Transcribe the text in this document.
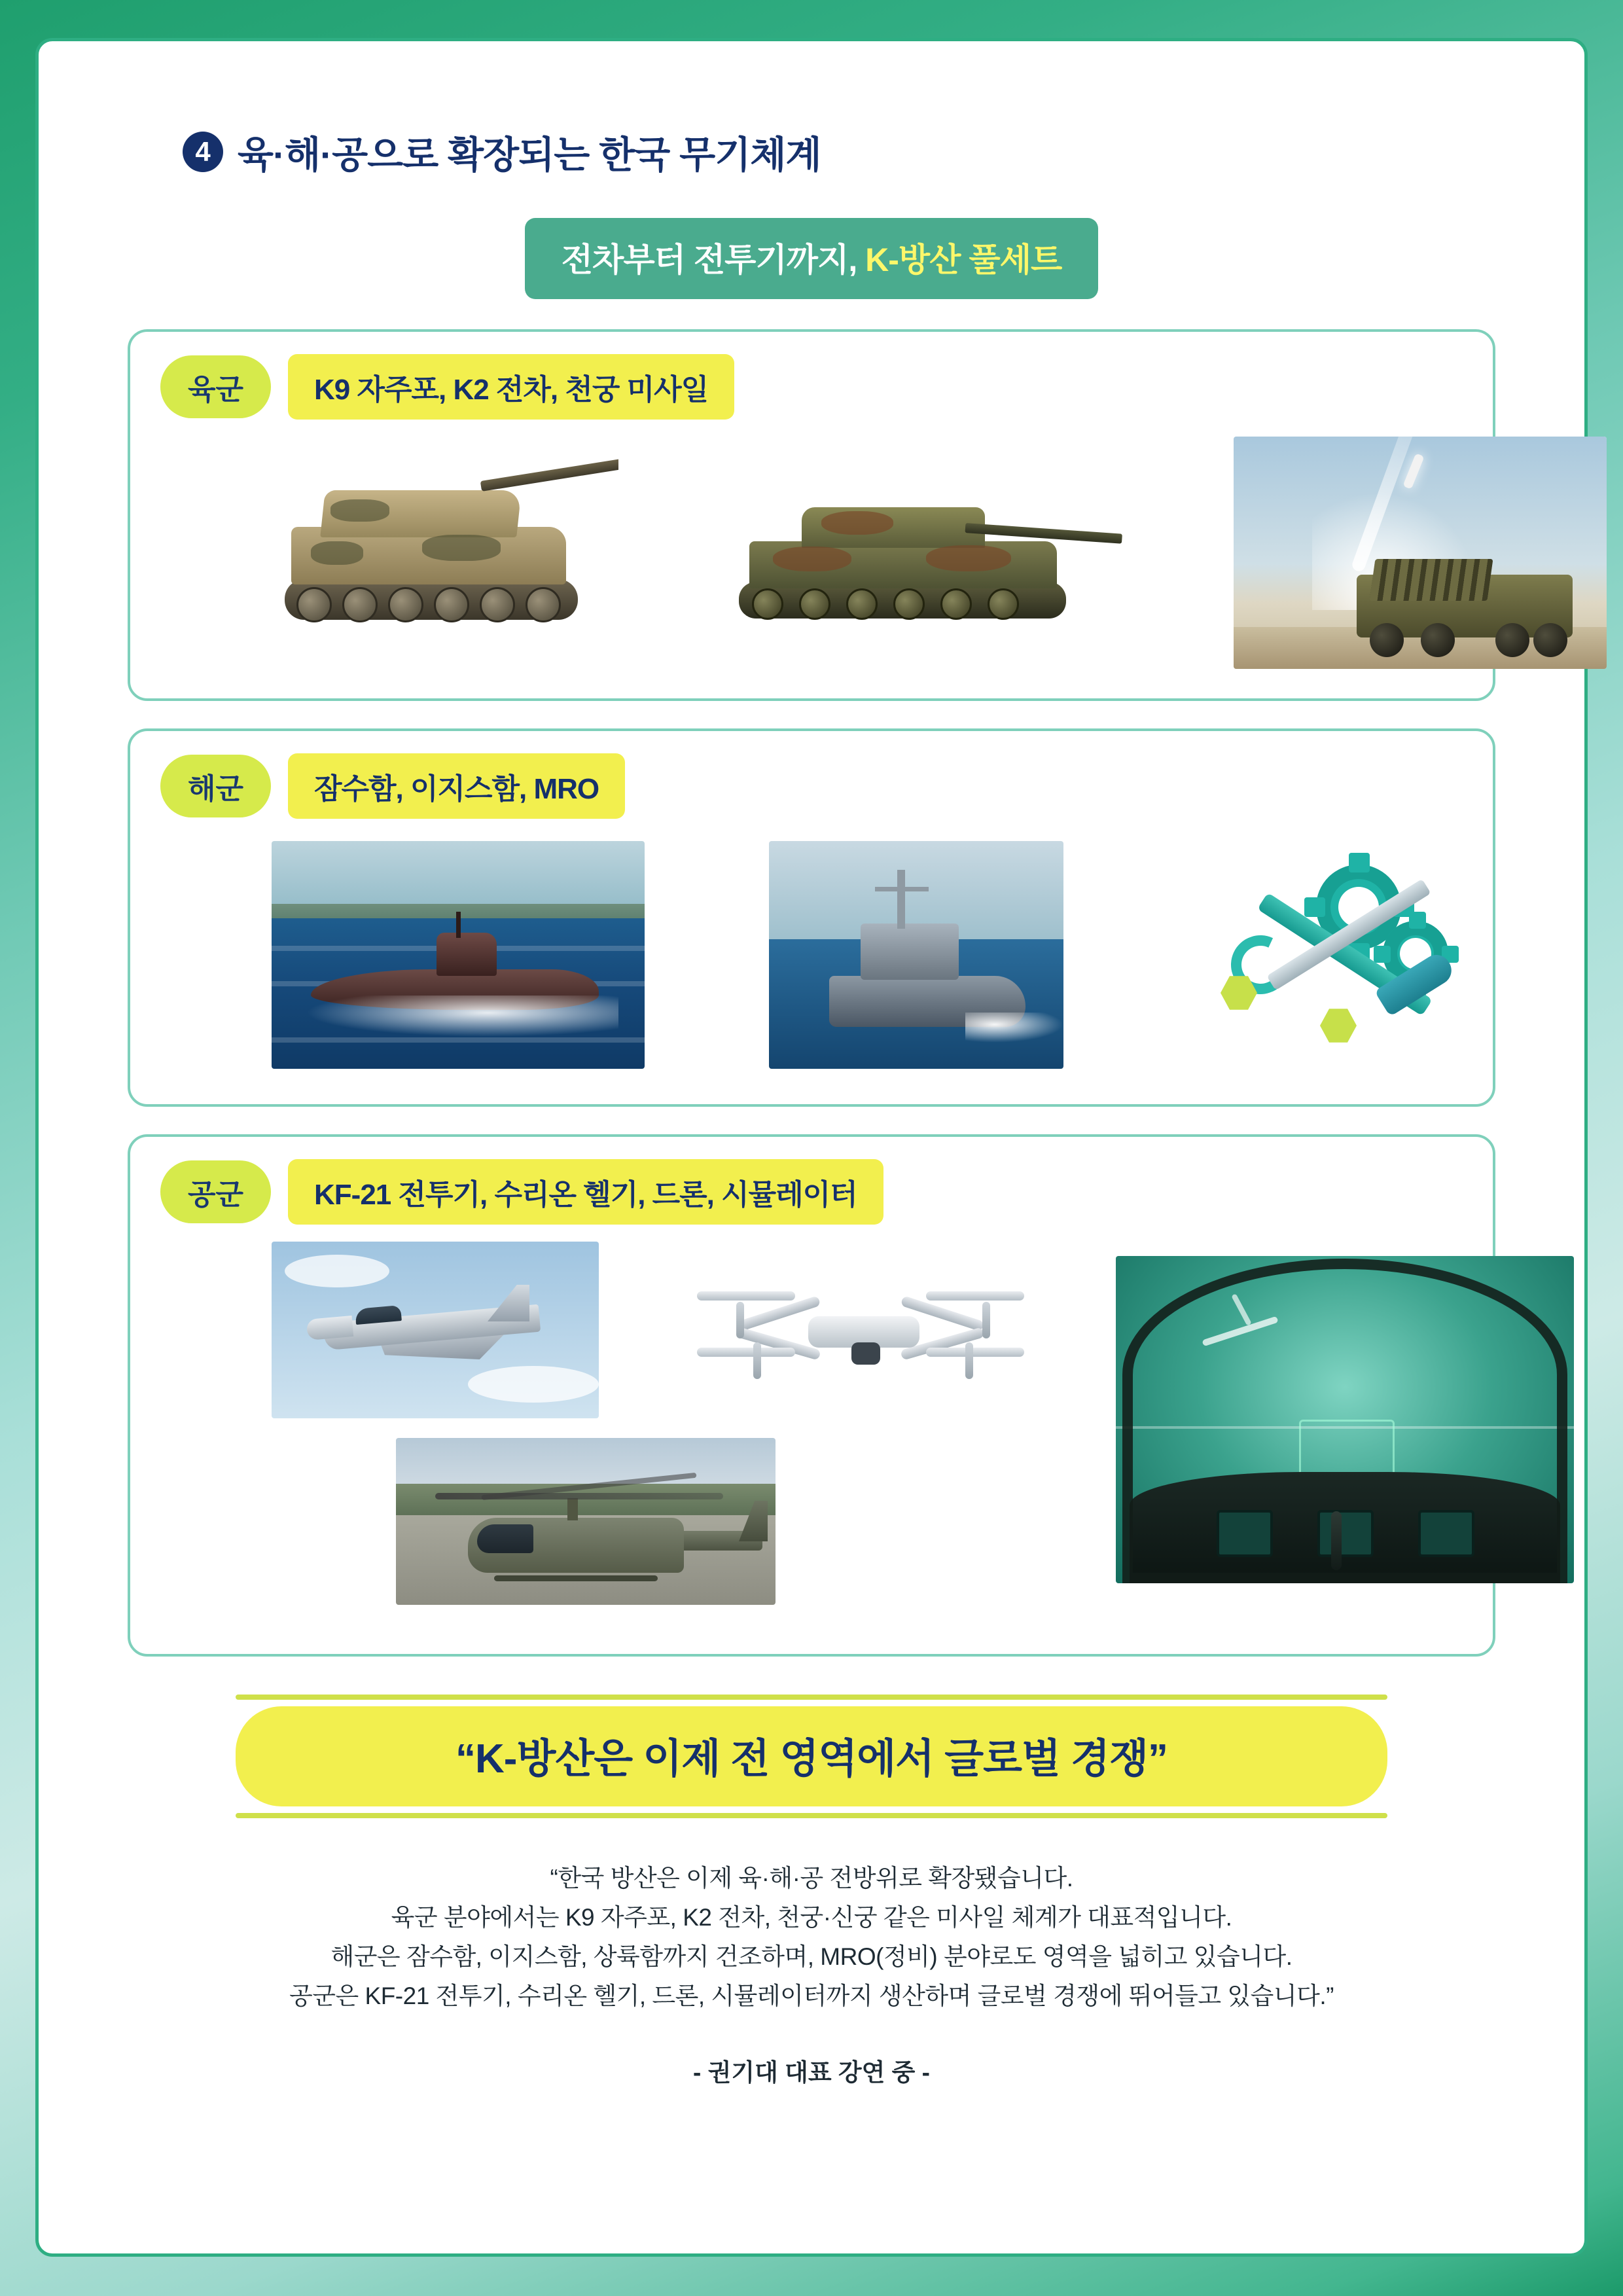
4 육·해·공으로 확장되는 한국 무기체계
전차부터 전투기까지, K-방산 풀세트
육군	K9 자주포, K2 전차, 천궁 미사일
해군	잠수함, 이지스함, MRO
공군	KF-21 전투기, 수리온 헬기, 드론, 시뮬레이터
“K-방산은 이제 전 영역에서 글로벌 경쟁”
“한국 방산은 이제 육·해·공 전방위로 확장됐습니다.
육군 분야에서는 K9 자주포, K2 전차, 천궁·신궁 같은 미사일 체계가 대표적입니다.
해군은 잠수함, 이지스함, 상륙함까지 건조하며, MRO(정비) 분야로도 영역을 넓히고 있습니다.
공군은 KF-21 전투기, 수리온 헬기, 드론, 시뮬레이터까지 생산하며 글로벌 경쟁에 뛰어들고 있습니다.”
- 권기대 대표 강연 중 -
